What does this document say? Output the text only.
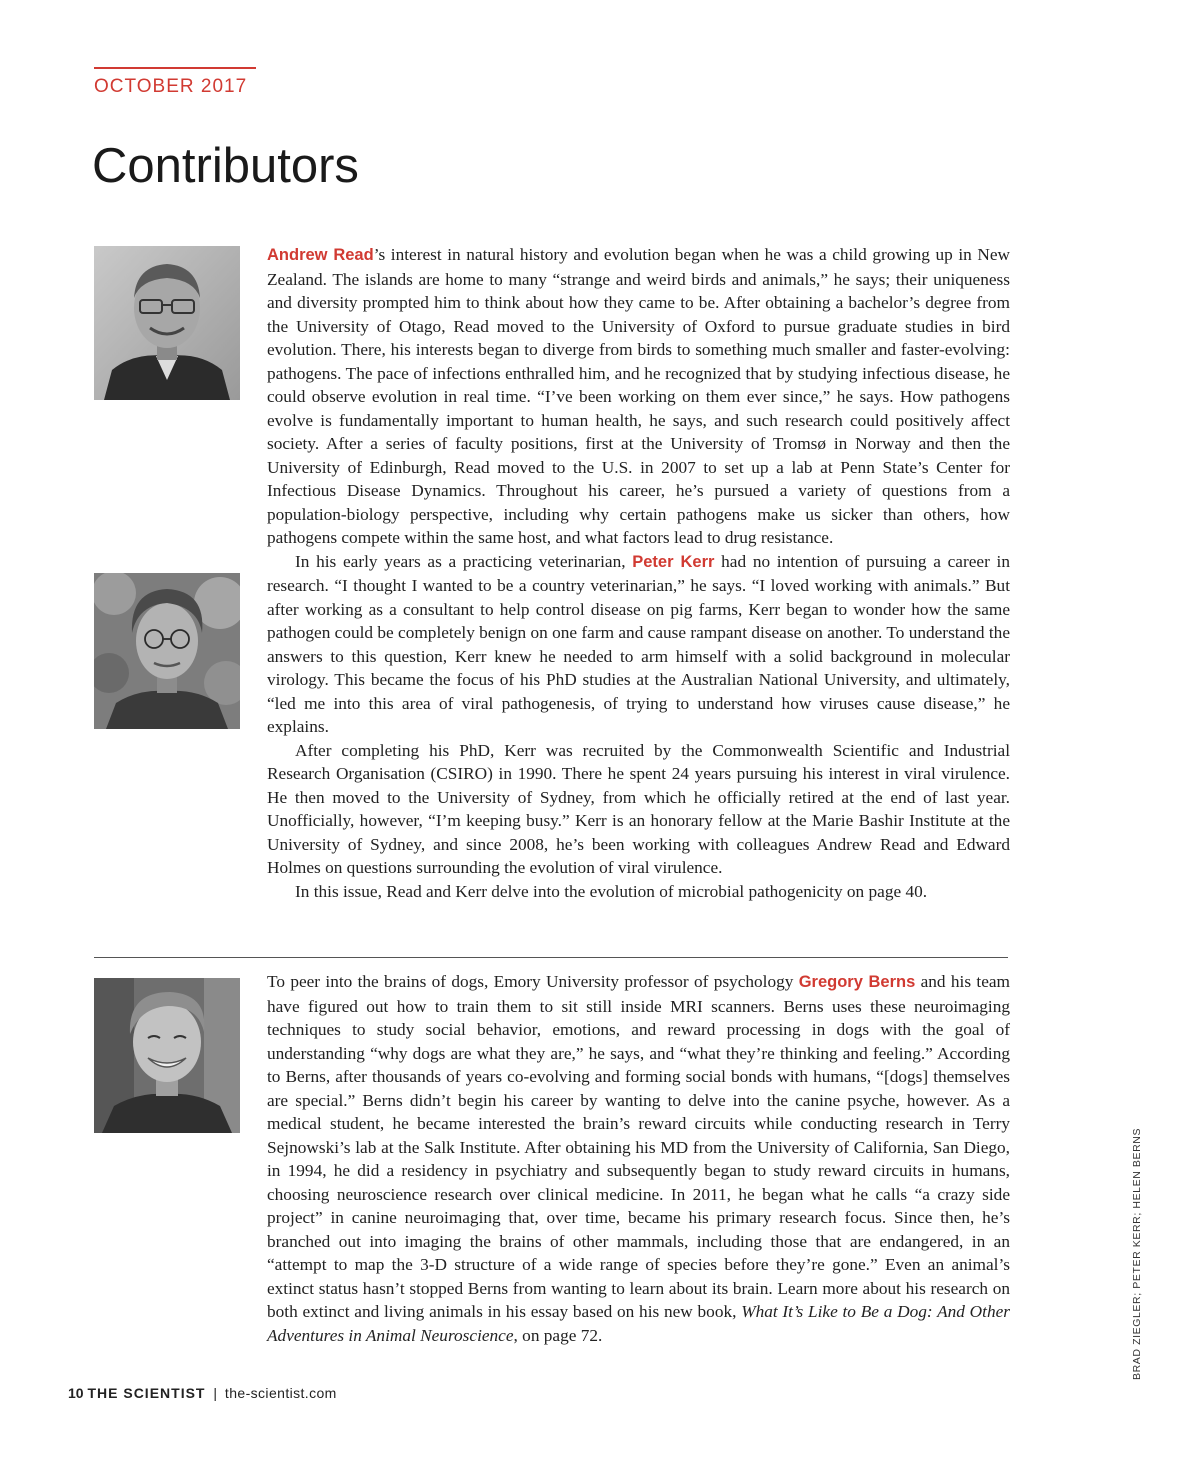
OCTOBER 2017
Contributors

Andrew Read’s interest in natural history and evolution began when he was a child growing up in New Zealand. The islands are home to many “strange and weird birds and animals,” he says; their uniqueness and diversity prompted him to think about how they came to be. After obtaining a bachelor’s degree from the University of Otago, Read moved to the University of Oxford to pursue graduate studies in bird evolution. There, his interests began to diverge from birds to something much smaller and faster-evolving: pathogens. The pace of infections enthralled him, and he recognized that by studying infectious disease, he could observe evolution in real time. “I’ve been working on them ever since,” he says. How pathogens evolve is fundamentally important to human health, he says, and such research could positively affect society. After a series of faculty positions, first at the University of Tromsø in Norway and then the University of Edinburgh, Read moved to the U.S. in 2007 to set up a lab at Penn State’s Center for Infectious Disease Dynamics. Throughout his career, he’s pursued a variety of questions from a population-biology perspective, including why certain pathogens make us sicker than others, how pathogens compete within the same host, and what factors lead to drug resistance.

In his early years as a practicing veterinarian, Peter Kerr had no intention of pursuing a career in research. “I thought I wanted to be a country veterinarian,” he says. “I loved working with animals.” But after working as a consultant to help control disease on pig farms, Kerr began to wonder how the same pathogen could be completely benign on one farm and cause rampant disease on another. To understand the answers to this question, Kerr knew he needed to arm himself with a solid background in molecular virology. This became the focus of his PhD studies at the Australian National University, and ultimately, “led me into this area of viral pathogenesis, of trying to understand how viruses cause disease,” he explains.

After completing his PhD, Kerr was recruited by the Commonwealth Scientific and Industrial Research Organisation (CSIRO) in 1990. There he spent 24 years pursuing his interest in viral virulence. He then moved to the University of Sydney, from which he officially retired at the end of last year. Unofficially, however, “I’m keeping busy.” Kerr is an honorary fellow at the Marie Bashir Institute at the University of Sydney, and since 2008, he’s been working with colleagues Andrew Read and Edward Holmes on questions surrounding the evolution of viral virulence.

In this issue, Read and Kerr delve into the evolution of microbial pathogenicity on page 40.

To peer into the brains of dogs, Emory University professor of psychology Gregory Berns and his team have figured out how to train them to sit still inside MRI scanners. Berns uses these neuroimaging techniques to study social behavior, emotions, and reward processing in dogs with the goal of understanding “why dogs are what they are,” he says, and “what they’re thinking and feeling.” According to Berns, after thousands of years co-evolving and forming social bonds with humans, “[dogs] themselves are special.” Berns didn’t begin his career by wanting to delve into the canine psyche, however. As a medical student, he became interested the brain’s reward circuits while conducting research in Terry Sejnowski’s lab at the Salk Institute. After obtaining his MD from the University of California, San Diego, in 1994, he did a residency in psychiatry and subsequently began to study reward circuits in humans, choosing neuroscience research over clinical medicine. In 2011, he began what he calls “a crazy side project” in canine neuroimaging that, over time, became his primary research focus. Since then, he’s branched out into imaging the brains of other mammals, including those that are endangered, in an “attempt to map the 3-D structure of a wide range of species before they’re gone.” Even an animal’s extinct status hasn’t stopped Berns from wanting to learn about its brain. Learn more about his research on both extinct and living animals in his essay based on his new book, What It’s Like to Be a Dog: And Other Adventures in Animal Neuroscience, on page 72.	BRAD ZIEGLER; PETER KERR; HELEN BERNS
10 THE SCIENTIST | the-scientist.com
